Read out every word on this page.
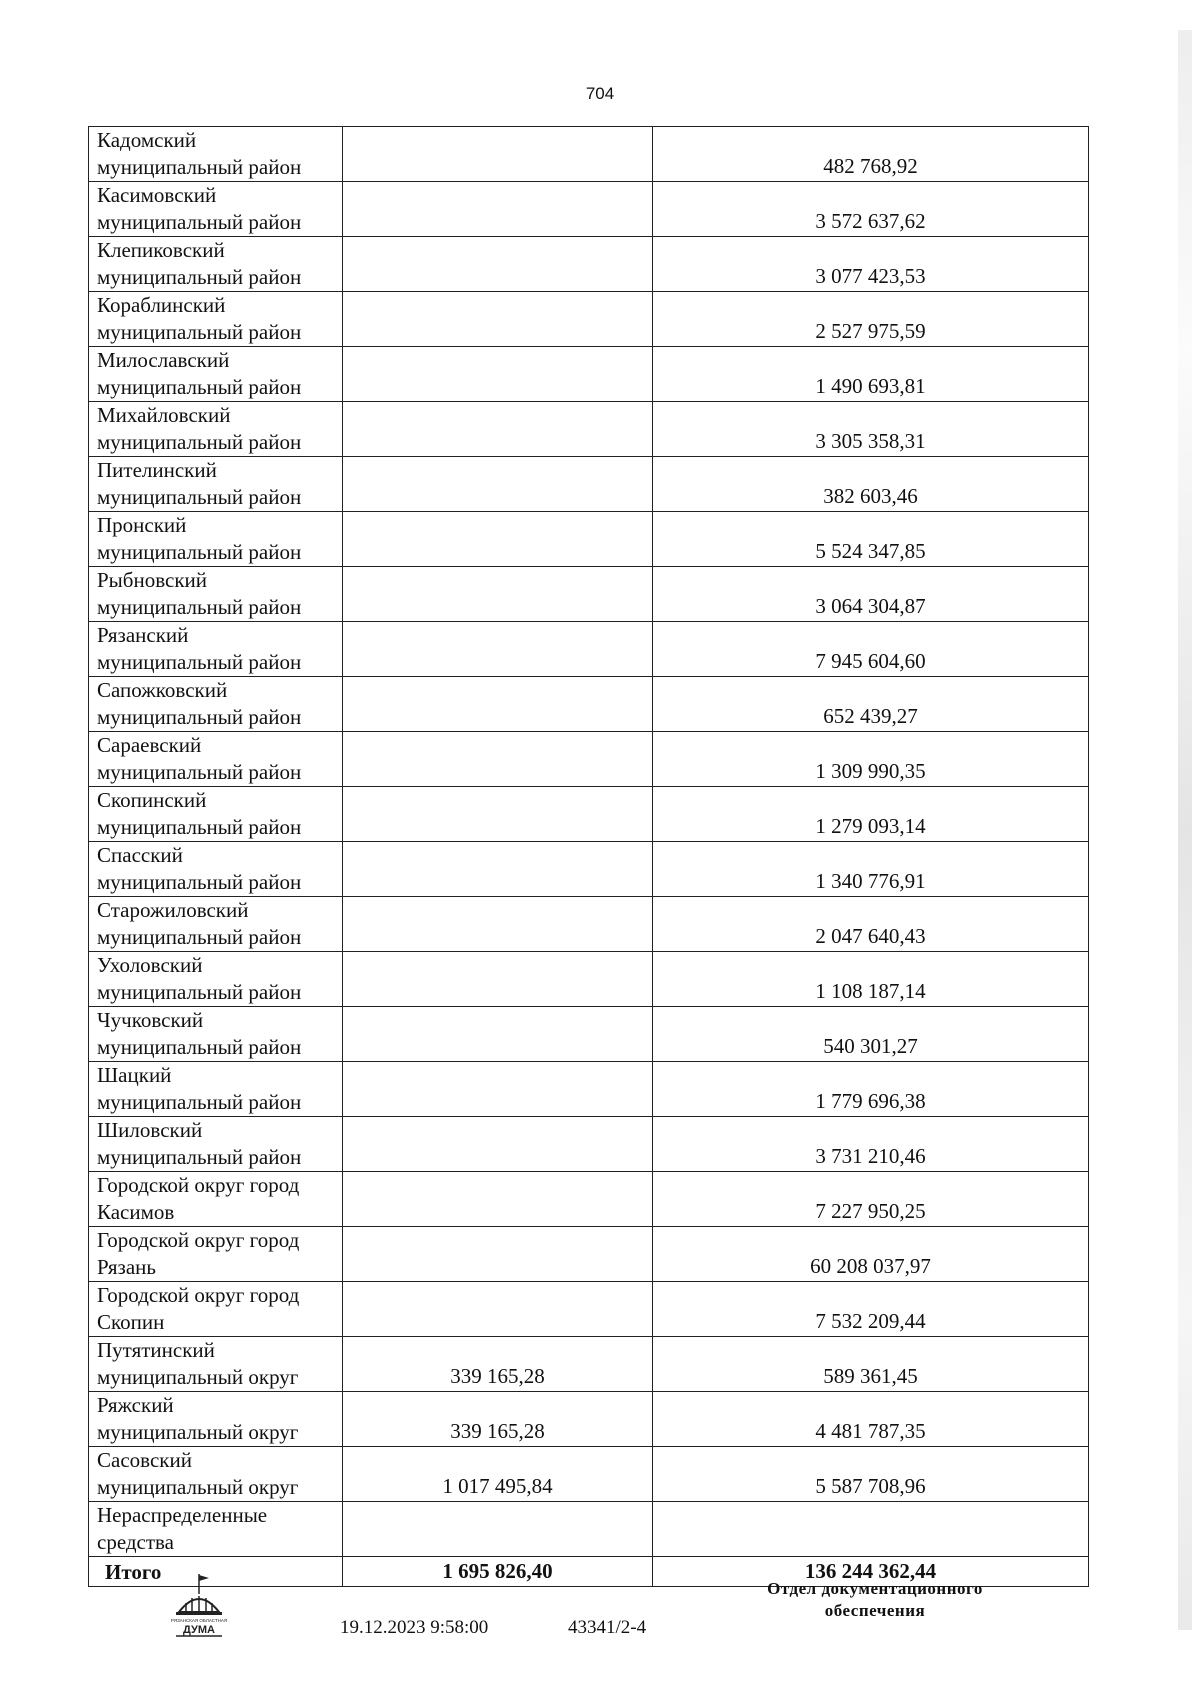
704
Кадомский
муниципальный район		482 768,92

Касимовский
муниципальный район		3 572 637,62

Клепиковский
муниципальный район		3 077 423,53

Кораблинский
муниципальный район		2 527 975,59

Милославский
муниципальный район		1 490 693,81

Михайловский
муниципальный район		3 305 358,31

Пителинский
муниципальный район		382 603,46

Пронский
муниципальный район		5 524 347,85

Рыбновский
муниципальный район		3 064 304,87

Рязанский
муниципальный район		7 945 604,60

Сапожковский
муниципальный район		652 439,27

Сараевский
муниципальный район		1 309 990,35

Скопинский
муниципальный район		1 279 093,14

Спасский
муниципальный район		1 340 776,91

Старожиловский
муниципальный район		2 047 640,43

Ухоловский
муниципальный район		1 108 187,14

Чучковский
муниципальный район		540 301,27

Шацкий
муниципальный район		1 779 696,38

Шиловский
муниципальный район		3 731 210,46

Городской округ город
Касимов		7 227 950,25

Городской округ город
Рязань		60 208 037,97

Городской округ город
Скопин		7 532 209,44

Путятинский
муниципальный округ	339 165,28	589 361,45

Ряжский
муниципальный округ	339 165,28	4 481 787,35

Сасовский
муниципальный округ	1 017 495,84	5 587 708,96

Нераспределенные
средства		

Итого	1 695 826,40	136 244 362,44
РЯЗАНСКАЯ ОБЛАСТНАЯ
ДУМА	19.12.2023 9:58:00	43341/2-4
Отдел документационного
обеспечения
